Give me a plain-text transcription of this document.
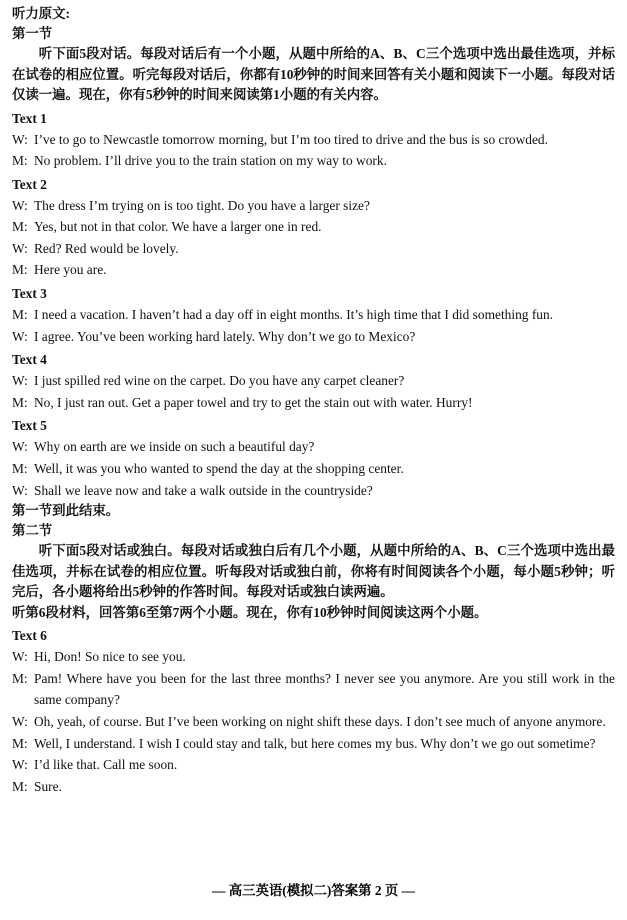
听力原文:

第一节

听下面5段对话。每段对话后有一个小题，从题中所给的A、B、C三个选项中选出最佳选项，并标在试卷的相应位置。听完每段对话后，你都有10秒钟的时间来回答有关小题和阅读下一小题。每段对话仅读一遍。现在，你有5秒钟的时间来阅读第1小题的有关内容。

Text 1

W: I’ve to go to Newcastle tomorrow morning, but I’m too tired to drive and the bus is so crowded.
M: No problem. I’ll drive you to the train station on my way to work.

Text 2

W: The dress I’m trying on is too tight. Do you have a larger size?
M: Yes, but not in that color. We have a larger one in red.
W: Red? Red would be lovely.
M: Here you are.

Text 3

M: I need a vacation. I haven’t had a day off in eight months. It’s high time that I did something fun.
W: I agree. You’ve been working hard lately. Why don’t we go to Mexico?

Text 4

W: I just spilled red wine on the carpet. Do you have any carpet cleaner?
M: No, I just ran out. Get a paper towel and try to get the stain out with water. Hurry!

Text 5

W: Why on earth are we inside on such a beautiful day?
M: Well, it was you who wanted to spend the day at the shopping center.
W: Shall we leave now and take a walk outside in the countryside?

第一节到此结束。

第二节

听下面5段对话或独白。每段对话或独白后有几个小题，从题中所给的A、B、C三个选项中选出最佳选项，并标在试卷的相应位置。听每段对话或独白前，你将有时间阅读各个小题，每小题5秒钟；听完后，各小题将给出5秒钟的作答时间。每段对话或独白读两遍。

听第6段材料，回答第6至第7两个小题。现在，你有10秒钟时间阅读这两个小题。

Text 6

W: Hi, Don! So nice to see you.
M: Pam! Where have you been for the last three months? I never see you anymore. Are you still work in the same company?
W: Oh, yeah, of course. But I’ve been working on night shift these days. I don’t see much of anyone anymore.
M: Well, I understand. I wish I could stay and talk, but here comes my bus. Why don’t we go out sometime?
W: I’d like that. Call me soon.
M: Sure.
— 高三英语(模拟二)答案第 2 页 —
